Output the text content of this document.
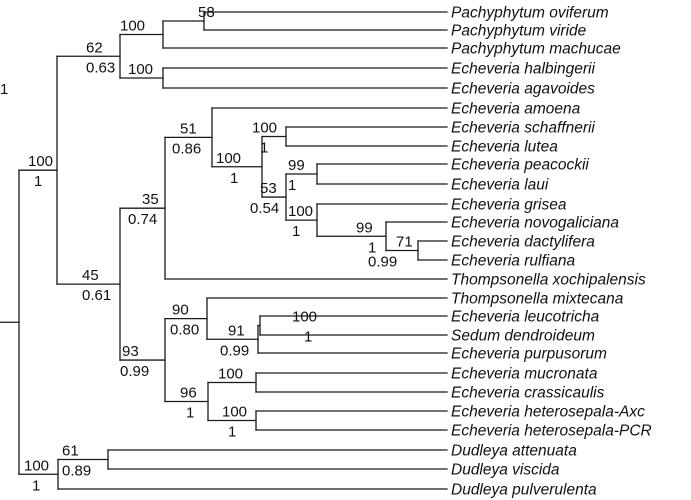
58
100
100
1
62
0.63
100
1
99
1
71
0.99
99
1
100
1
53
0.54
100
1
51
0.86
35
0.74
100
1
91
0.99
90
0.80
100
100
1
96
1
93
0.99
45
0.61
100
1
61
0.89
100
1
Pachyphytum oviferum
Pachyphytum viride
Pachyphytum machucae
Echeveria halbingerii
Echeveria agavoides
Echeveria amoena
Echeveria schaffnerii
Echeveria lutea
Echeveria peacockii
Echeveria laui
Echeveria grisea
Echeveria novogaliciana
Echeveria dactylifera
Echeveria rulfiana
Thompsonella xochipalensis
Thompsonella mixtecana
Echeveria leucotricha
Sedum dendroideum
Echeveria purpusorum
Echeveria mucronata
Echeveria crassicaulis
Echeveria heterosepala-Axc
Echeveria heterosepala-PCR
Dudleya attenuata
Dudleya viscida
Dudleya pulverulenta
